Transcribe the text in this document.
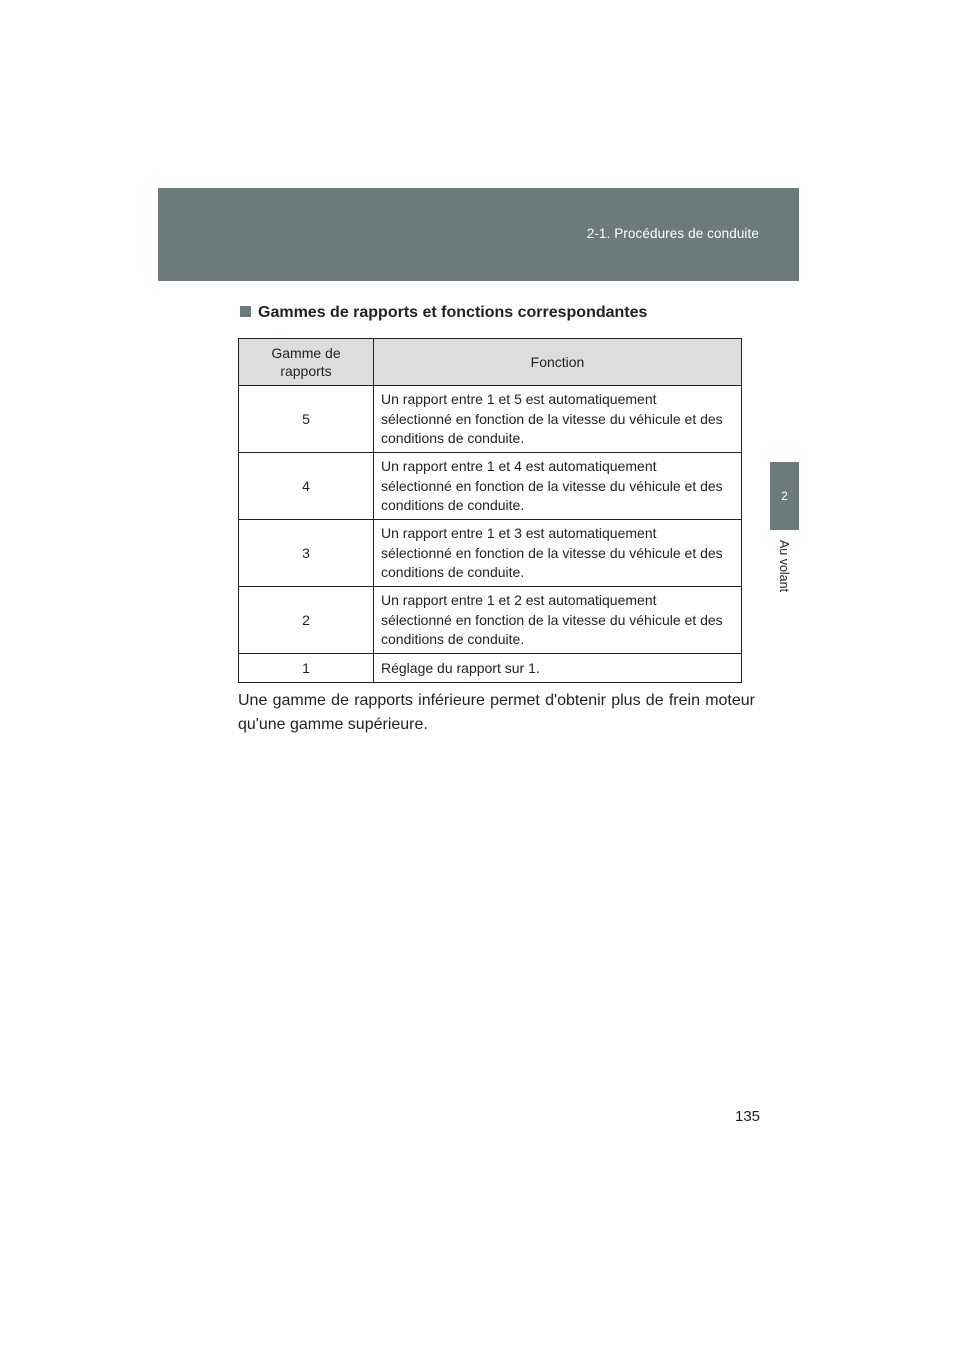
2-1. Procédures de conduite
2
Au volant
Gammes de rapports et fonctions correspondantes
Gamme de rapports	Fonction
5	Un rapport entre 1 et 5 est automatiquement sélectionné en fonction de la vitesse du véhicule et des conditions de conduite.
4	Un rapport entre 1 et 4 est automatiquement sélectionné en fonction de la vitesse du véhicule et des conditions de conduite.
3	Un rapport entre 1 et 3 est automatiquement sélectionné en fonction de la vitesse du véhicule et des conditions de conduite.
2	Un rapport entre 1 et 2 est automatiquement sélectionné en fonction de la vitesse du véhicule et des conditions de conduite.
1	Réglage du rapport sur 1.
Une gamme de rapports inférieure permet d'obtenir plus de frein moteur qu'une gamme supérieure.
135
